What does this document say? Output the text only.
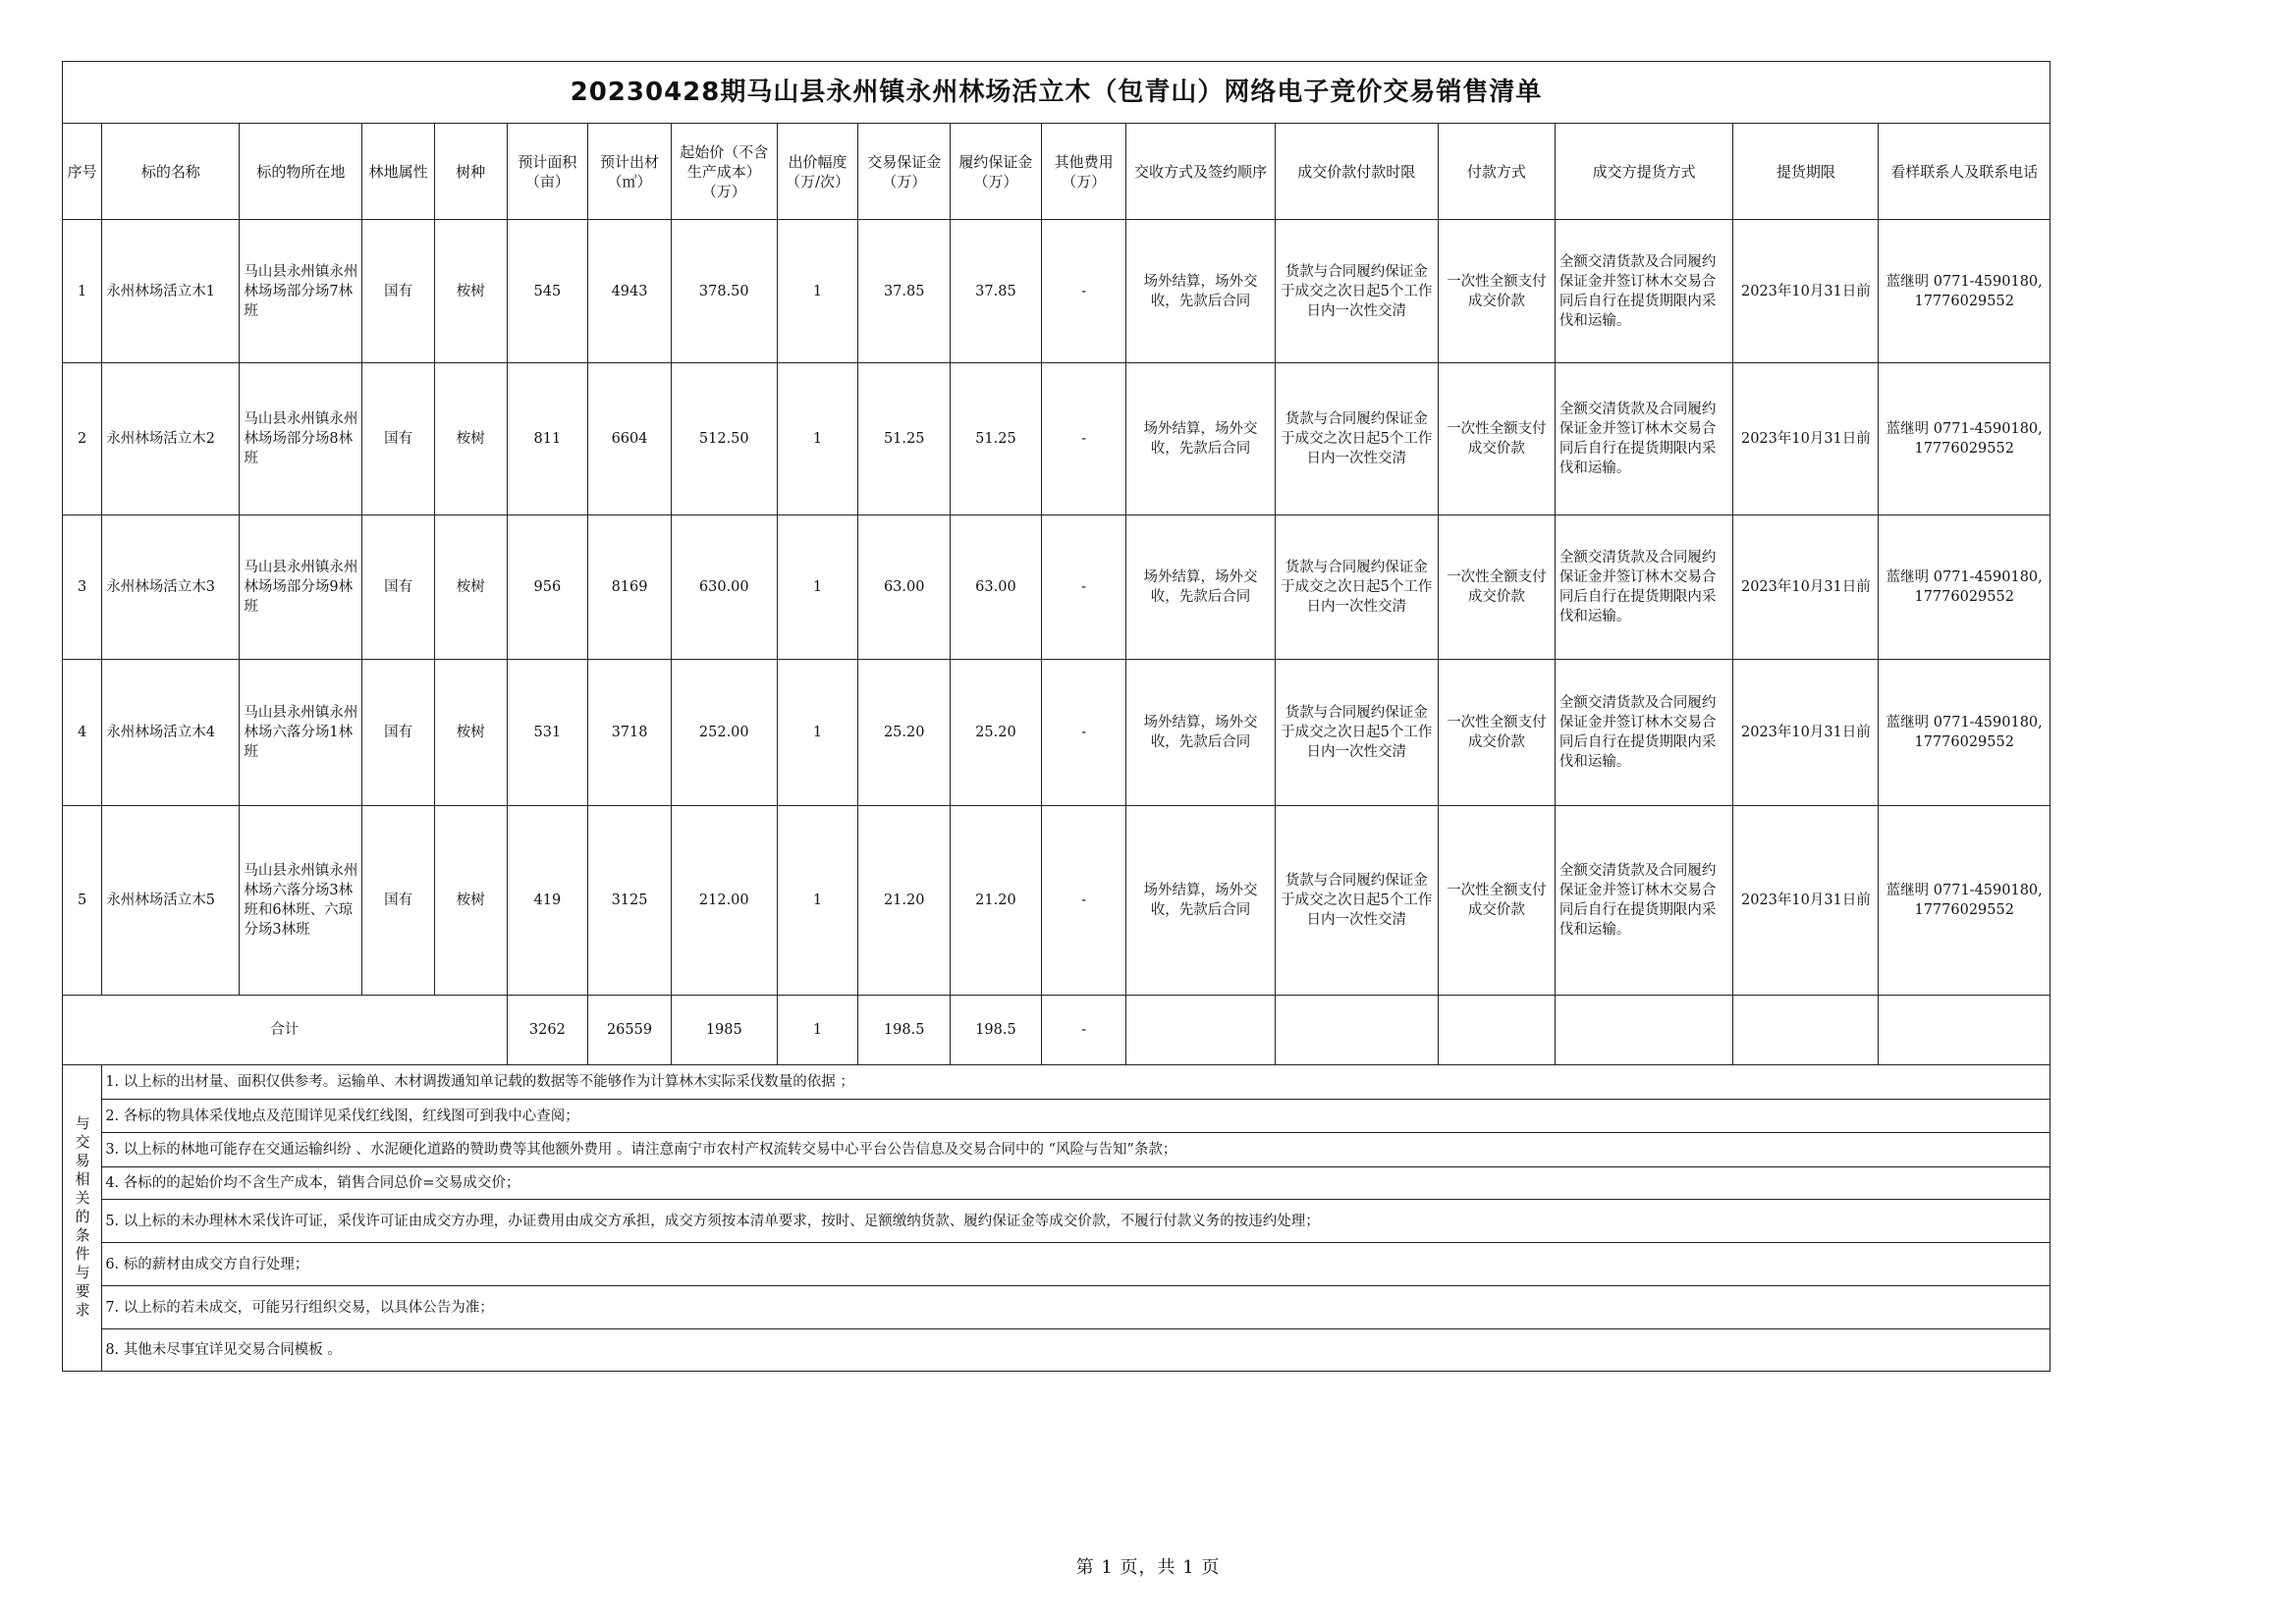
20230428期马山县永州镇永州林场活立木（包青山）网络电子竞价交易销售清单																	
序号	标的名称	标的物所在地	林地属性	树种	预计面积（亩）	预计出材（㎥）	起始价（不含生产成本）（万）	出价幅度（万/次）	交易保证金（万）	履约保证金（万）	其他费用（万）	交收方式及签约顺序	成交价款付款时限	付款方式	成交方提货方式	提货期限	看样联系人及联系电话
1	永州林场活立木1	马山县永州镇永州林场场部分场7林班	国有	桉树	545	4943	378.50	1	37.85	37.85	-	场外结算，场外交收，先款后合同	货款与合同履约保证金于成交之次日起5个工作日内一次性交清	一次性全额支付成交价款	全额交清货款及合同履约保证金并签订林木交易合同后自行在提货期限内采伐和运输。	2023年10月31日前	蓝继明 0771-4590180, 17776029552
2	永州林场活立木2	马山县永州镇永州林场场部分场8林班	国有	桉树	811	6604	512.50	1	51.25	51.25	-	场外结算，场外交收，先款后合同	货款与合同履约保证金于成交之次日起5个工作日内一次性交清	一次性全额支付成交价款	全额交清货款及合同履约保证金并签订林木交易合同后自行在提货期限内采伐和运输。	2023年10月31日前	蓝继明 0771-4590180, 17776029552
3	永州林场活立木3	马山县永州镇永州林场场部分场9林班	国有	桉树	956	8169	630.00	1	63.00	63.00	-	场外结算，场外交收，先款后合同	货款与合同履约保证金于成交之次日起5个工作日内一次性交清	一次性全额支付成交价款	全额交清货款及合同履约保证金并签订林木交易合同后自行在提货期限内采伐和运输。	2023年10月31日前	蓝继明 0771-4590180, 17776029552
4	永州林场活立木4	马山县永州镇永州林场六落分场1林班	国有	桉树	531	3718	252.00	1	25.20	25.20	-	场外结算，场外交收，先款后合同	货款与合同履约保证金于成交之次日起5个工作日内一次性交清	一次性全额支付成交价款	全额交清货款及合同履约保证金并签订林木交易合同后自行在提货期限内采伐和运输。	2023年10月31日前	蓝继明 0771-4590180, 17776029552
5	永州林场活立木5	马山县永州镇永州林场六落分场3林班和6林班、六琼分场3林班	国有	桉树	419	3125	212.00	1	21.20	21.20	-	场外结算，场外交收，先款后合同	货款与合同履约保证金于成交之次日起5个工作日内一次性交清	一次性全额支付成交价款	全额交清货款及合同履约保证金并签订林木交易合同后自行在提货期限内采伐和运输。	2023年10月31日前	蓝继明 0771-4590180, 17776029552
合计					3262	26559	1985	1	198.5	198.5	-						
与交易相关的条件与要求	1. 以上标的出材量、面积仅供参考。运输单、木材调拨通知单记载的数据等不能够作为计算林木实际采伐数量的依据 ；																
	2. 各标的物具体采伐地点及范围详见采伐红线图，红线图可到我中心查阅；																
	3. 以上标的林地可能存在交通运输纠纷 、水泥硬化道路的赞助费等其他额外费用 。请注意南宁市农村产权流转交易中心平台公告信息及交易合同中的 “风险与告知”条款；																
	4. 各标的的起始价均不含生产成本，销售合同总价=交易成交价；																
	5. 以上标的未办理林木采伐许可证，采伐许可证由成交方办理，办证费用由成交方承担，成交方须按本清单要求，按时、足额缴纳货款、履约保证金等成交价款，不履行付款义务的按违约处理；																
	6. 标的薪材由成交方自行处理；																
	7. 以上标的若未成交，可能另行组织交易，以具体公告为准；																
	8. 其他未尽事宜详见交易合同模板 。																
第 1 页，共 1 页
